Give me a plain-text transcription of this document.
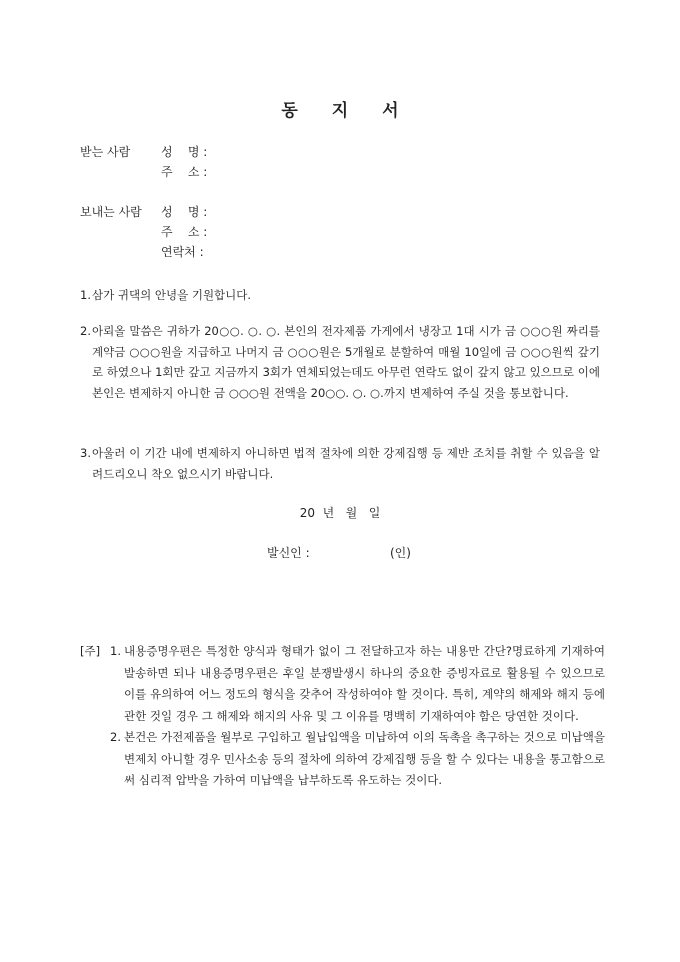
동 지 서
받는 사람	성    명 :
주    소 :
보내는 사람 성    명 :
주    소 :
연락처 :
1. 삼가 귀댁의 안녕을 기원합니다.
2. 아뢰올 말씀은 귀하가 20○○. ○. ○. 본인의 전자제품 가게에서 냉장고 1대 시가 금 ○○○원 짜리를 계약금 ○○○원을 지급하고 나머지 금 ○○○원은 5개월로 분할하여 매월 10일에 금 ○○○원씩 갚기로 하였으나 1회만 갚고 지금까지 3회가 연체되었는데도 아무런 연락도 없이 갚지 않고 있으므로 이에 본인은 변제하지 아니한 금 ○○○원 전액을 20○○. ○. ○.까지 변제하여 주실 것을 통보합니다.
3. 아울러 이 기간 내에 변제하지 아니하면 법적 절차에 의한 강제집행 등 제반 조치를 취할 수 있음을 알려드리오니 착오 없으시기 바랍니다.
20  년   월   일
발신인 :	(인)
[주] 1. 내용증명우편은 특정한 양식과 형태가 없이 그 전달하고자 하는 내용만 간단?명료하게 기재하여 발송하면 되나 내용증명우편은 후일 분쟁발생시 하나의 중요한 증빙자료로 활용될 수 있으므로 이를 유의하여 어느 정도의 형식을 갖추어 작성하여야 할 것이다. 특히, 계약의 해제와 해지 등에 관한 것일 경우 그 해제와 해지의 사유 및 그 이유를 명백히 기재하여야 함은 당연한 것이다.
2. 본건은 가전제품을 월부로 구입하고 월납입액을 미납하여 이의 독촉을 촉구하는 것으로 미납액을 변제치 아니할 경우 민사소송 등의 절차에 의하여 강제집행 등을 할 수 있다는 내용을 통고함으로써 심리적 압박을 가하여 미납액을 납부하도록 유도하는 것이다.
